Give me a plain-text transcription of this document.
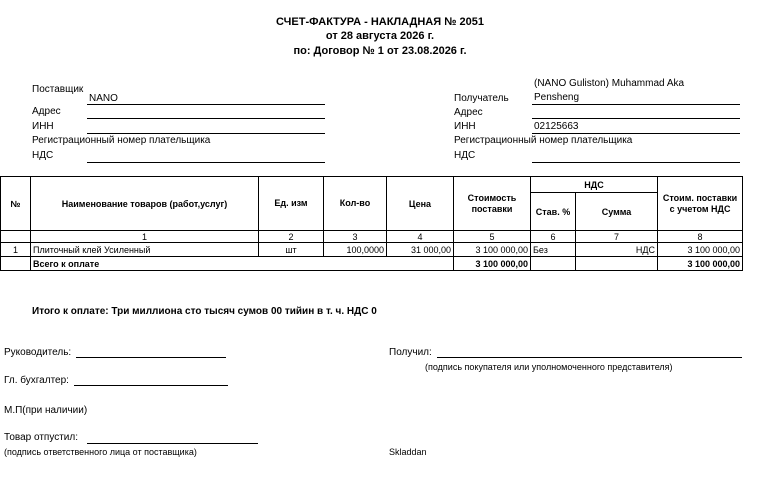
СЧЕТ-ФАКТУРА - НАКЛАДНАЯ № 2051
от 28 августа 2026 г.
по: Договор № 1 от 23.08.2026 г.
Поставщик
NANO
Адрес
ИНН
Регистрационный номер плательщика
НДС
(NANO Guliston) Muhammad Aka
Получатель	Pensheng
Адрес
ИНН	02125663
Регистрационный номер плательщика
НДС
№	Наименование товаров (работ,услуг)	Ед. изм	Кол-во	Цена	Стоимость поставки	НДС		Стоим. поставки с учетом НДС
						Став. %	Сумма	
	1	2	3	4	5	6	7	8
1	Плиточный клей Усиленный	шт	100,0000	31 000,00	3 100 000,00	Без	НДС	3 100 000,00
	Всего к оплате				3 100 000,00			3 100 000,00
Итого к оплате: Три миллиона сто тысяч сумов 00 тийин в т. ч. НДС 0
Руководитель:
Гл. бухгалтер:
М.П(при наличии)
Товар отпустил:
(подпись ответственного лица от поставщика)
Получил:
(подпись покупателя или уполномоченного представителя)
Skladdan
